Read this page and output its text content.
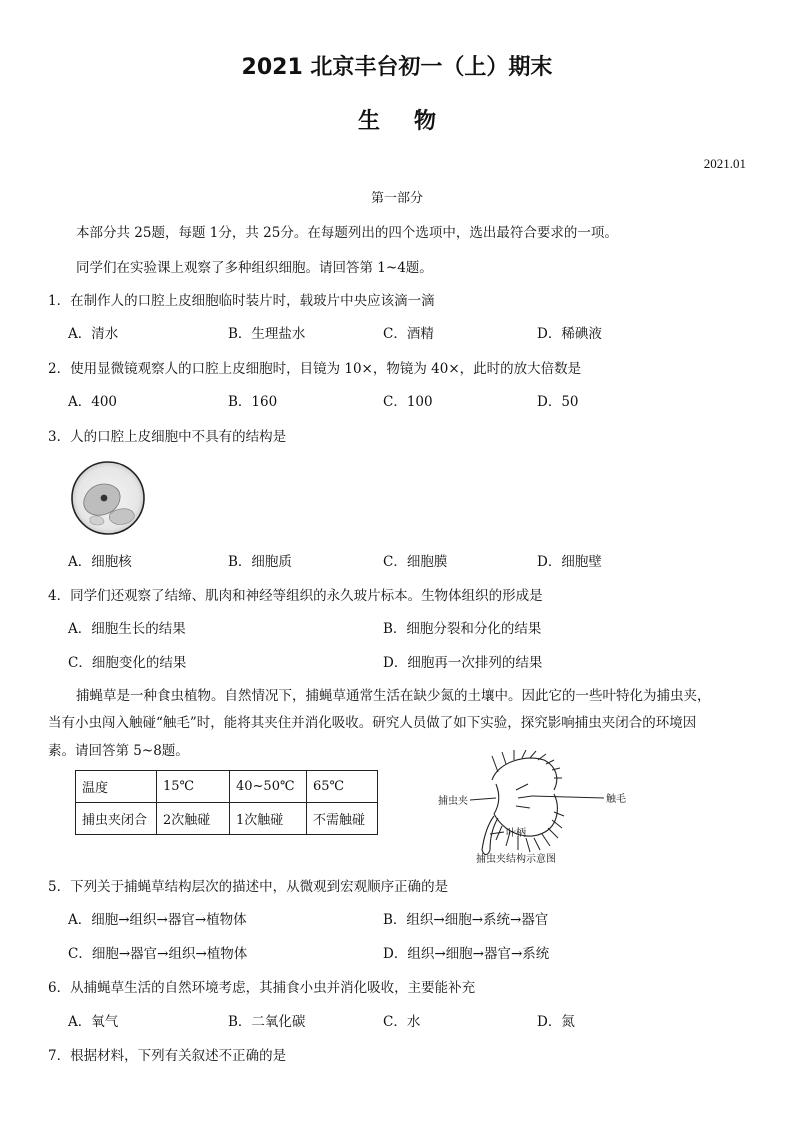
2021 北京丰台初一（上）期末
生物
2021.01
第一部分
本部分共 25题，每题 1分，共 25分。在每题列出的四个选项中，选出最符合要求的一项。
同学们在实验课上观察了多种组织细胞。请回答第 1~4题。
1．在制作人的口腔上皮细胞临时装片时，载玻片中央应该滴一滴
A．清水	B．生理盐水	C．酒精	D．稀碘液
2．使用显微镜观察人的口腔上皮细胞时，目镜为 10×，物镜为 40×，此时的放大倍数是
A．400	B．160	C．100	D．50
3．人的口腔上皮细胞中不具有的结构是
A．细胞核	B．细胞质	C．细胞膜	D．细胞壁
4．同学们还观察了结缔、肌肉和神经等组织的永久玻片标本。生物体组织的形成是
A．细胞生长的结果	B．细胞分裂和分化的结果
C．细胞变化的结果	D．细胞再一次排列的结果
捕蝇草是一种食虫植物。自然情况下，捕蝇草通常生活在缺少氮的土壤中。因此它的一些叶特化为捕虫夹，
当有小虫闯入触碰“触毛”时，能将其夹住并消化吸收。研究人员做了如下实验，探究影响捕虫夹闭合的环境因
素。请回答第 5~8题。
温度	15℃	40~50℃	65℃
捕虫夹闭合	2次触碰	1次触碰	不需触碰
捕虫夹	触毛
叶柄
捕虫夹结构示意图
5．下列关于捕蝇草结构层次的描述中，从微观到宏观顺序正确的是
A．细胞→组织→器官→植物体	B．组织→细胞→系统→器官
C．细胞→器官→组织→植物体	D．组织→细胞→器官→系统
6．从捕蝇草生活的自然环境考虑，其捕食小虫并消化吸收，主要能补充
A．氧气	B．二氧化碳	C．水	D．氮
7．根据材料，下列有关叙述不正确的是
